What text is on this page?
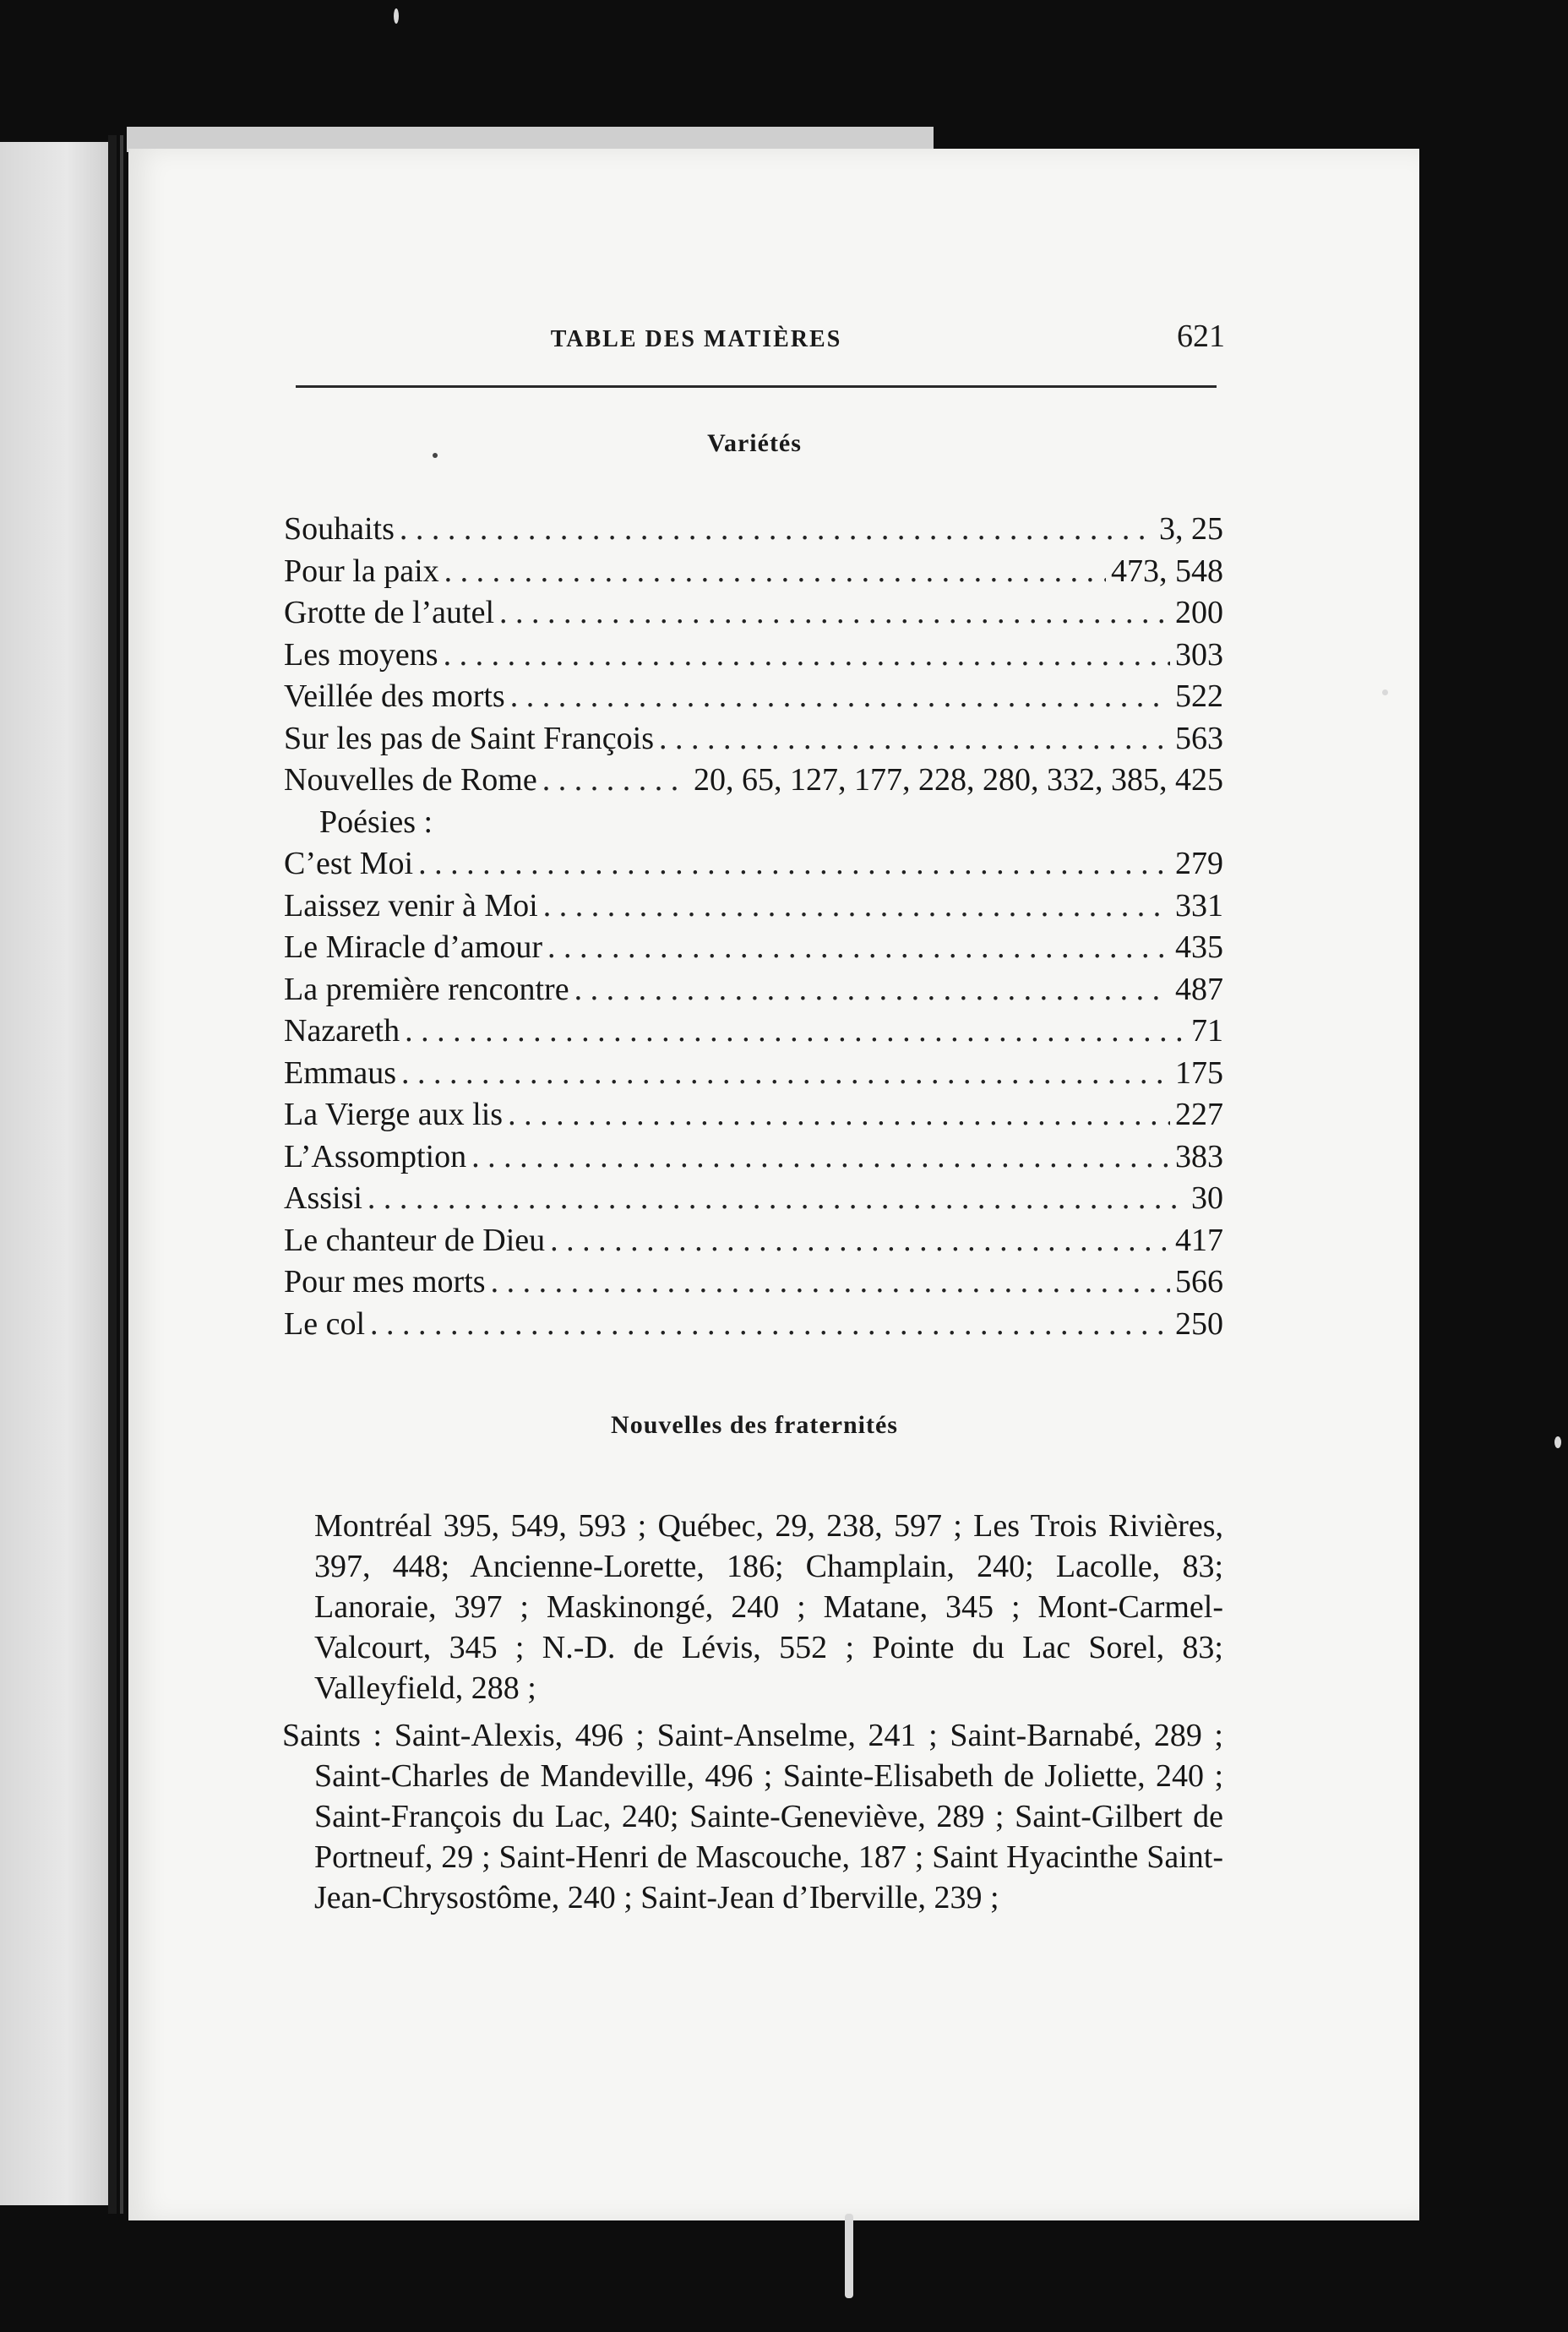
TABLE DES MATIÈRES	621
Variétés
Souhaits . . .	3, 25
Pour la paix . . .	473, 548
Grotte de l’autel . . .	200
Les moyens . . .	303
Veillée des morts . . .	522
Sur les pas de Saint François . . .	563
Nouvelles de Rome . . .	20, 65, 127, 177, 228, 280, 332, 385, 425
Poésies :
C’est Moi . . .	279
Laissez venir à Moi . . .	331
Le Miracle d’amour . . .	435
La première rencontre . . .	487
Nazareth . . .	71
Emmaus . . .	175
La Vierge aux lis . . .	227
L’Assomption . . .	383
Assisi . . .	30
Le chanteur de Dieu . . .	417
Pour mes morts . . .	566
Le col . . .	250
Nouvelles des fraternités
Montréal 395, 549, 593 ; Québec, 29, 238, 597 ; Les Trois Rivières, 397, 448; Ancienne-Lorette, 186; Champlain, 240; Lacolle, 83; Lanoraie, 397 ; Maskinongé, 240 ; Matane, 345 ; Mont-Carmel-Valcourt, 345 ; N.-D. de Lévis, 552 ; Pointe du Lac Sorel, 83; Valleyfield, 288 ;
Saints : Saint-Alexis, 496 ; Saint-Anselme, 241 ; Saint-Barnabé, 289 ; Saint-Charles de Mandeville, 496 ; Sainte-Elisabeth de Joliette, 240 ; Saint-François du Lac, 240; Sainte-Geneviève, 289 ; Saint-Gilbert de Portneuf, 29 ; Saint-Henri de Mascouche, 187 ; Saint Hyacinthe Saint-Jean-Chrysostôme, 240 ; Saint-Jean d’Iberville, 239 ;
